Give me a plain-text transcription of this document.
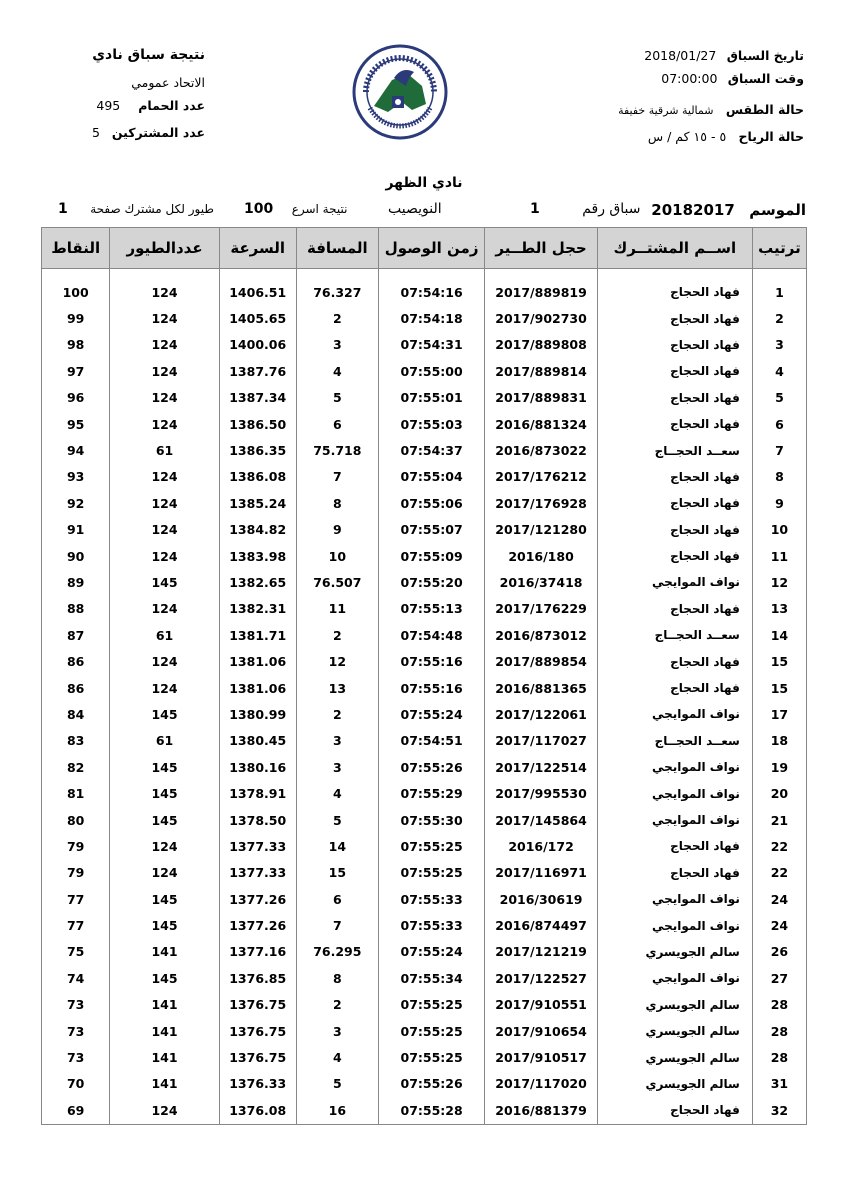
تاريخ السباق 2018/01/27
وقت السباق 07:00:00
حالة الطقس شمالية شرقية خفيفة
حالة الرياح ٥ - ١٥ كم / س
نتيجة سباق نادي
الاتحاد عمومي
عدد الحمام 495
عدد المشتركين 5
نادي الظهر
20182017 الموسم
1	سباق رقم
النويصيب
100 نتيجة اسرع
1 طيور لكل مشترك صفحة
ترتيب	اســم المشتــرك	حجل الطــير	زمن الوصول	المسافة	السرعة	عددالطيور	النقاط
1	فهاد الحجاج	2017/889819	07:54:16	76.327	1406.51	124	100
2	فهاد الحجاج	2017/902730	07:54:18	2	1405.65	124	99
3	فهاد الحجاج	2017/889808	07:54:31	3	1400.06	124	98
4	فهاد الحجاج	2017/889814	07:55:00	4	1387.76	124	97
5	فهاد الحجاج	2017/889831	07:55:01	5	1387.34	124	96
6	فهاد الحجاج	2016/881324	07:55:03	6	1386.50	124	95
7	سعــد الحجــاج	2016/873022	07:54:37	75.718	1386.35	61	94
8	فهاد الحجاج	2017/176212	07:55:04	7	1386.08	124	93
9	فهاد الحجاج	2017/176928	07:55:06	8	1385.24	124	92
10	فهاد الحجاج	2017/121280	07:55:07	9	1384.82	124	91
11	فهاد الحجاج	2016/180	07:55:09	10	1383.98	124	90
12	نواف الموايجي	2016/37418	07:55:20	76.507	1382.65	145	89
13	فهاد الحجاج	2017/176229	07:55:13	11	1382.31	124	88
14	سعــد الحجــاج	2016/873012	07:54:48	2	1381.71	61	87
15	فهاد الحجاج	2017/889854	07:55:16	12	1381.06	124	86
15	فهاد الحجاج	2016/881365	07:55:16	13	1381.06	124	86
17	نواف الموايجي	2017/122061	07:55:24	2	1380.99	145	84
18	سعــد الحجــاج	2017/117027	07:54:51	3	1380.45	61	83
19	نواف الموايجي	2017/122514	07:55:26	3	1380.16	145	82
20	نواف الموايجي	2017/995530	07:55:29	4	1378.91	145	81
21	نواف الموايجي	2017/145864	07:55:30	5	1378.50	145	80
22	فهاد الحجاج	2016/172	07:55:25	14	1377.33	124	79
22	فهاد الحجاج	2017/116971	07:55:25	15	1377.33	124	79
24	نواف الموايجي	2016/30619	07:55:33	6	1377.26	145	77
24	نواف الموايجي	2016/874497	07:55:33	7	1377.26	145	77
26	سالم الجويسري	2017/121219	07:55:24	76.295	1377.16	141	75
27	نواف الموايجي	2017/122527	07:55:34	8	1376.85	145	74
28	سالم الجويسري	2017/910551	07:55:25	2	1376.75	141	73
28	سالم الجويسري	2017/910654	07:55:25	3	1376.75	141	73
28	سالم الجويسري	2017/910517	07:55:25	4	1376.75	141	73
31	سالم الجويسري	2017/117020	07:55:26	5	1376.33	141	70
32	فهاد الحجاج	2016/881379	07:55:28	16	1376.08	124	69
